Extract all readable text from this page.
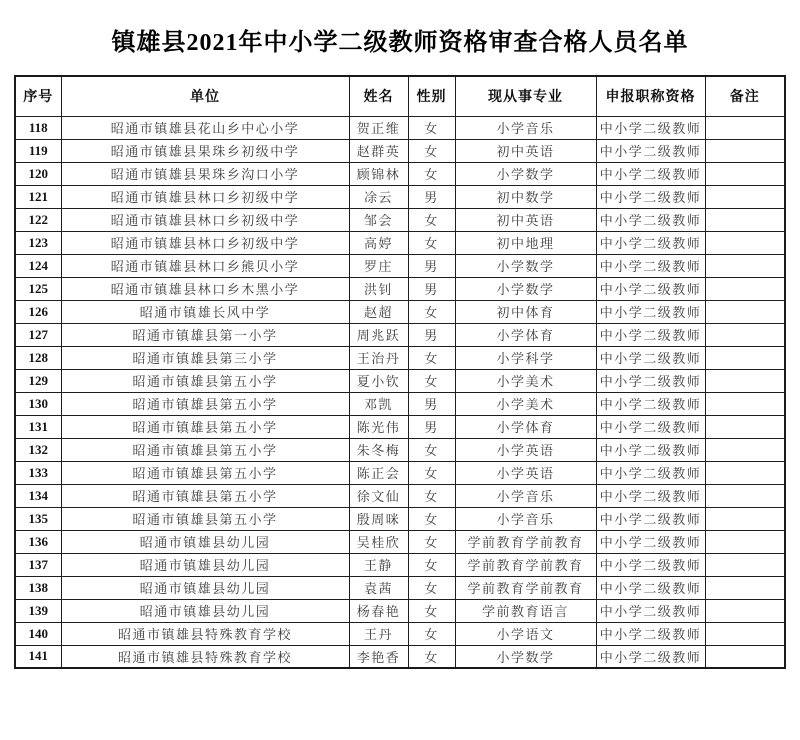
镇雄县2021年中小学二级教师资格审查合格人员名单
序号	单位	姓名	性别	现从事专业	申报职称资格	备注
118	昭通市镇雄县花山乡中心小学	贺正维	女	小学音乐	中小学二级教师	
119	昭通市镇雄县果珠乡初级中学	赵群英	女	初中英语	中小学二级教师	
120	昭通市镇雄县果珠乡沟口小学	顾锦林	女	小学数学	中小学二级教师	
121	昭通市镇雄县林口乡初级中学	凃云	男	初中数学	中小学二级教师	
122	昭通市镇雄县林口乡初级中学	邹会	女	初中英语	中小学二级教师	
123	昭通市镇雄县林口乡初级中学	高婷	女	初中地理	中小学二级教师	
124	昭通市镇雄县林口乡熊贝小学	罗庄	男	小学数学	中小学二级教师	
125	昭通市镇雄县林口乡木黑小学	洪钊	男	小学数学	中小学二级教师	
126	昭通市镇雄长风中学	赵超	女	初中体育	中小学二级教师	
127	昭通市镇雄县第一小学	周兆跃	男	小学体育	中小学二级教师	
128	昭通市镇雄县第三小学	王治丹	女	小学科学	中小学二级教师	
129	昭通市镇雄县第五小学	夏小钦	女	小学美术	中小学二级教师	
130	昭通市镇雄县第五小学	邓凯	男	小学美术	中小学二级教师	
131	昭通市镇雄县第五小学	陈光伟	男	小学体育	中小学二级教师	
132	昭通市镇雄县第五小学	朱冬梅	女	小学英语	中小学二级教师	
133	昭通市镇雄县第五小学	陈正会	女	小学英语	中小学二级教师	
134	昭通市镇雄县第五小学	徐文仙	女	小学音乐	中小学二级教师	
135	昭通市镇雄县第五小学	殷周咪	女	小学音乐	中小学二级教师	
136	昭通市镇雄县幼儿园	吴桂欣	女	学前教育学前教育	中小学二级教师	
137	昭通市镇雄县幼儿园	王静	女	学前教育学前教育	中小学二级教师	
138	昭通市镇雄县幼儿园	袁茜	女	学前教育学前教育	中小学二级教师	
139	昭通市镇雄县幼儿园	杨春艳	女	学前教育语言	中小学二级教师	
140	昭通市镇雄县特殊教育学校	王丹	女	小学语文	中小学二级教师	
141	昭通市镇雄县特殊教育学校	李艳香	女	小学数学	中小学二级教师	
